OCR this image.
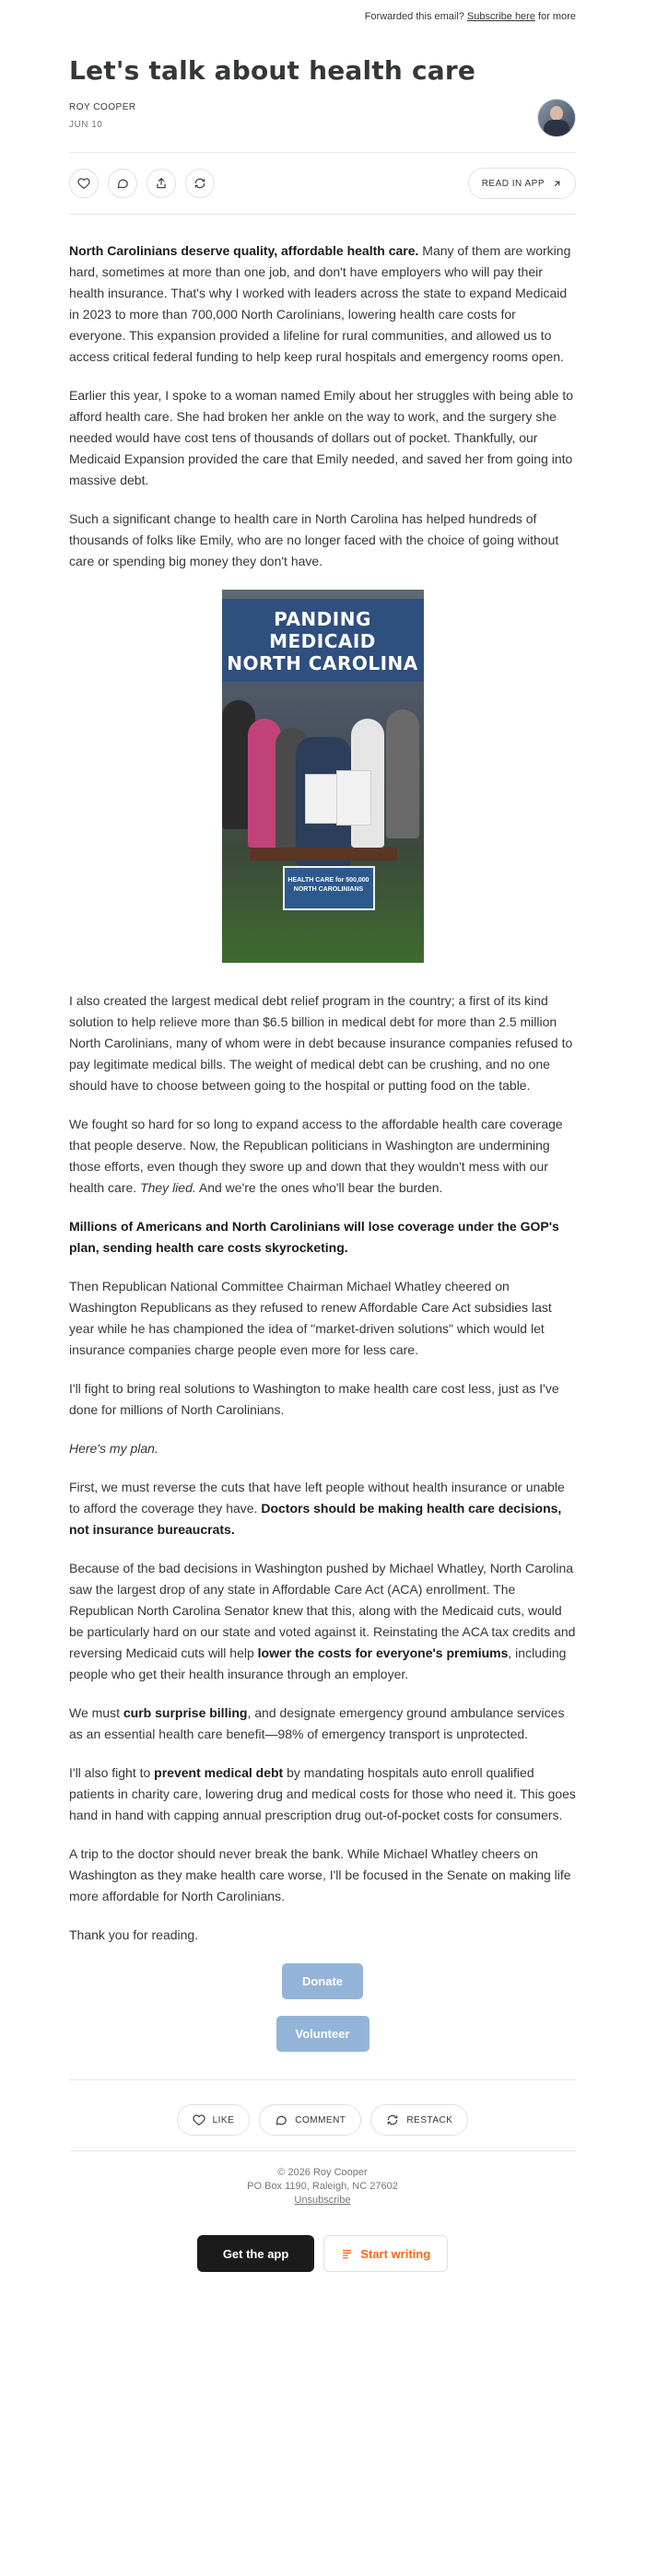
Forwarded this email? Subscribe here for more
Let's talk about health care
ROY COOPER
JUN 10
READ IN APP

North Carolinians deserve quality, affordable health care. Many of them are working hard, sometimes at more than one job, and don't have employers who will pay their health insurance. That's why I worked with leaders across the state to expand Medicaid in 2023 to more than 700,000 North Carolinians, lowering health care costs for everyone. This expansion provided a lifeline for rural communities, and allowed us to access critical federal funding to help keep rural hospitals and emergency rooms open.

Earlier this year, I spoke to a woman named Emily about her struggles with being able to afford health care. She had broken her ankle on the way to work, and the surgery she needed would have cost tens of thousands of dollars out of pocket. Thankfully, our Medicaid Expansion provided the care that Emily needed, and saved her from going into massive debt.

Such a significant change to health care in North Carolina has helped hundreds of thousands of folks like Emily, who are no longer faced with the choice of going without care or spending big money they don't have.

PANDING MEDICAID
NORTH CAROLINA
HEALTH CARE for 500,000 NORTH CAROLINIANS

I also created the largest medical debt relief program in the country; a first of its kind solution to help relieve more than $6.5 billion in medical debt for more than 2.5 million North Carolinians, many of whom were in debt because insurance companies refused to pay legitimate medical bills. The weight of medical debt can be crushing, and no one should have to choose between going to the hospital or putting food on the table.

We fought so hard for so long to expand access to the affordable health care coverage that people deserve. Now, the Republican politicians in Washington are undermining those efforts, even though they swore up and down that they wouldn't mess with our health care. They lied. And we're the ones who'll bear the burden.

Millions of Americans and North Carolinians will lose coverage under the GOP's plan, sending health care costs skyrocketing.

Then Republican National Committee Chairman Michael Whatley cheered on Washington Republicans as they refused to renew Affordable Care Act subsidies last year while he has championed the idea of "market-driven solutions" which would let insurance companies charge people even more for less care.

I'll fight to bring real solutions to Washington to make health care cost less, just as I've done for millions of North Carolinians.

Here's my plan.

First, we must reverse the cuts that have left people without health insurance or unable to afford the coverage they have. Doctors should be making health care decisions, not insurance bureaucrats.

Because of the bad decisions in Washington pushed by Michael Whatley, North Carolina saw the largest drop of any state in Affordable Care Act (ACA) enrollment. The Republican North Carolina Senator knew that this, along with the Medicaid cuts, would be particularly hard on our state and voted against it. Reinstating the ACA tax credits and reversing Medicaid cuts will help lower the costs for everyone's premiums, including people who get their health insurance through an employer.

We must curb surprise billing, and designate emergency ground ambulance services as an essential health care benefit—98% of emergency transport is unprotected.

I'll also fight to prevent medical debt by mandating hospitals auto enroll qualified patients in charity care, lowering drug and medical costs for those who need it. This goes hand in hand with capping annual prescription drug out-of-pocket costs for consumers.

A trip to the doctor should never break the bank. While Michael Whatley cheers on Washington as they make health care worse, I'll be focused in the Senate on making life more affordable for North Carolinians.

Thank you for reading.

Donate
Volunteer
LIKE	COMMENT	RESTACK
© 2026 Roy Cooper
PO Box 1190, Raleigh, NC 27602
Unsubscribe
Get the app	Start writing
